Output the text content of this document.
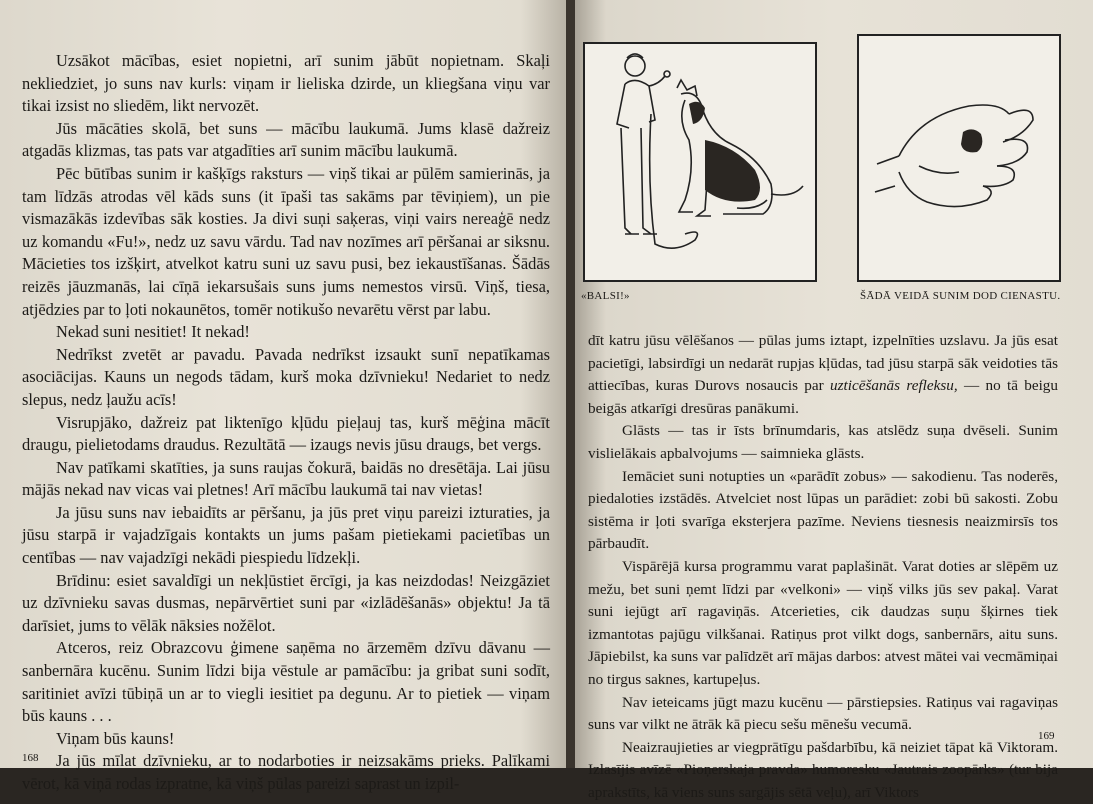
Uzsākot mācības, esiet nopietni, arī sunim jābūt nopietnam. Skaļi nekliedziet, jo suns nav kurls: viņam ir lieliska dzirde, un kliegšana viņu var tikai izsist no sliedēm, likt nervozēt.

Jūs mācāties skolā, bet suns — mācību laukumā. Jums klasē dažreiz atgadās klizmas, tas pats var atgadīties arī sunim mācību laukumā.

Pēc būtības sunim ir kašķīgs raksturs — viņš tikai ar pūlēm samierinās, ja tam līdzās atrodas vēl kāds suns (it īpaši tas sakāms par tēviņiem), un pie vismazākās izdevības sāk kosties. Ja divi suņi saķeras, viņi vairs nereaģē nedz uz komandu «Fu!», nedz uz savu vārdu. Tad nav nozīmes arī pēršanai ar siksnu. Mācieties tos izšķirt, atvelkot katru suni uz savu pusi, bez iekaustīšanas. Šādās reizēs jāuzmanās, lai cīņā iekarsušais suns jums nemestos virsū. Viņš, tiesa, atjēdzies par to ļoti nokaunētos, tomēr notikušo nevarētu vērst par labu.

Nekad suni nesitiet! It nekad!

Nedrīkst zvetēt ar pavadu. Pavada nedrīkst izsaukt sunī nepatīkamas asociācijas. Kauns un negods tādam, kurš moka dzīvnieku! Nedariet to nedz slepus, nedz ļaužu acīs!

Visrupjāko, dažreiz pat liktenīgo kļūdu pieļauj tas, kurš mēģina mācīt draugu, pielietodams draudus. Rezultātā — izaugs nevis jūsu draugs, bet vergs.

Nav patīkami skatīties, ja suns raujas čokurā, baidās no dresētāja. Lai jūsu mājās nekad nav vicas vai pletnes! Arī mācību laukumā tai nav vietas!

Ja jūsu suns nav iebaidīts ar pēršanu, ja jūs pret viņu pareizi izturaties, ja jūsu starpā ir vajadzīgais kontakts un jums pašam pietiekami pacietības un centības — nav vajadzīgi nekādi piespiedu līdzekļi.

Brīdinu: esiet savaldīgi un nekļūstiet ērcīgi, ja kas neizdodas! Neizgāziet uz dzīvnieku savas dusmas, nepārvērtiet suni par «izlādēšanās» objektu! Ja tā darīsiet, jums to vēlāk nāksies nožēlot.

Atceros, reiz Obrazcovu ģimene saņēma no ārzemēm dzīvu dāvanu — sanbernāra kucēnu. Sunim līdzi bija vēstule ar pamācību: ja gribat suni sodīt, saritiniet avīzi tūbiņā un ar to viegli iesitiet pa degunu. Ar to pietiek — viņam būs kauns . . .

Viņam būs kauns!

Ja jūs mīlat dzīvnieku, ar to nodarboties ir neizsakāms prieks. Palīkami vērot, kā viņā rodas izpratne, kā viņš pūlas pareizi saprast un izpil-

168
«BALSI!»	ŠĀDĀ VEIDĀ SUNIM DOD CIENASTU.

dīt katru jūsu vēlēšanos — pūlas jums iztapt, izpelnīties uzslavu. Ja jūs esat pacietīgi, labsirdīgi un nedarāt rupjas kļūdas, tad jūsu starpā sāk veidoties tās attiecības, kuras Durovs nosaucis par uzticēšanās refleksu, — no tā beigu beigās atkarīgi dresūras panākumi.

Glāsts — tas ir īsts brīnumdaris, kas atslēdz suņa dvēseli. Sunim vislielākais apbalvojums — saimnieka glāsts.

Iemāciet suni notupties un «parādīt zobus» — sakodienu. Tas noderēs, piedaloties izstādēs. Atvelciet nost lūpas un parādiet: zobi bū sakosti. Zobu sistēma ir ļoti svarīga eksterjera pazīme. Neviens tiesnesis neaizmirsīs tos pārbaudīt.

Vispārējā kursa programmu varat paplašināt. Varat doties ar slēpēm uz mežu, bet suni ņemt līdzi par «velkoni» — viņš vilks jūs sev pakaļ. Varat suni iejūgt arī ragaviņās. Atcerieties, cik daudzas suņu šķirnes tiek izmantotas pajūgu vilkšanai. Ratiņus prot vilkt dogs, sanbernārs, aitu suns. Jāpiebilst, ka suns var palīdzēt arī mājas darbos: atvest mātei vai vecmāmiņai no tirgus saknes, kartupeļus.

Nav ieteicams jūgt mazu kucēnu — pārstiepsies. Ratiņus vai ragaviņas suns var vilkt ne ātrāk kā piecu sešu mēnešu vecumā.

Neaizraujieties ar viegprātīgu pašdarbību, kā neiziet tāpat kā Viktoram. Izlasījis avīzē «Pioņerskaja pravda» humoresku «Jautrais zoopārks» (tur bija aprakstīts, kā viens suns sargājis sētā veļu), arī Viktors

169
